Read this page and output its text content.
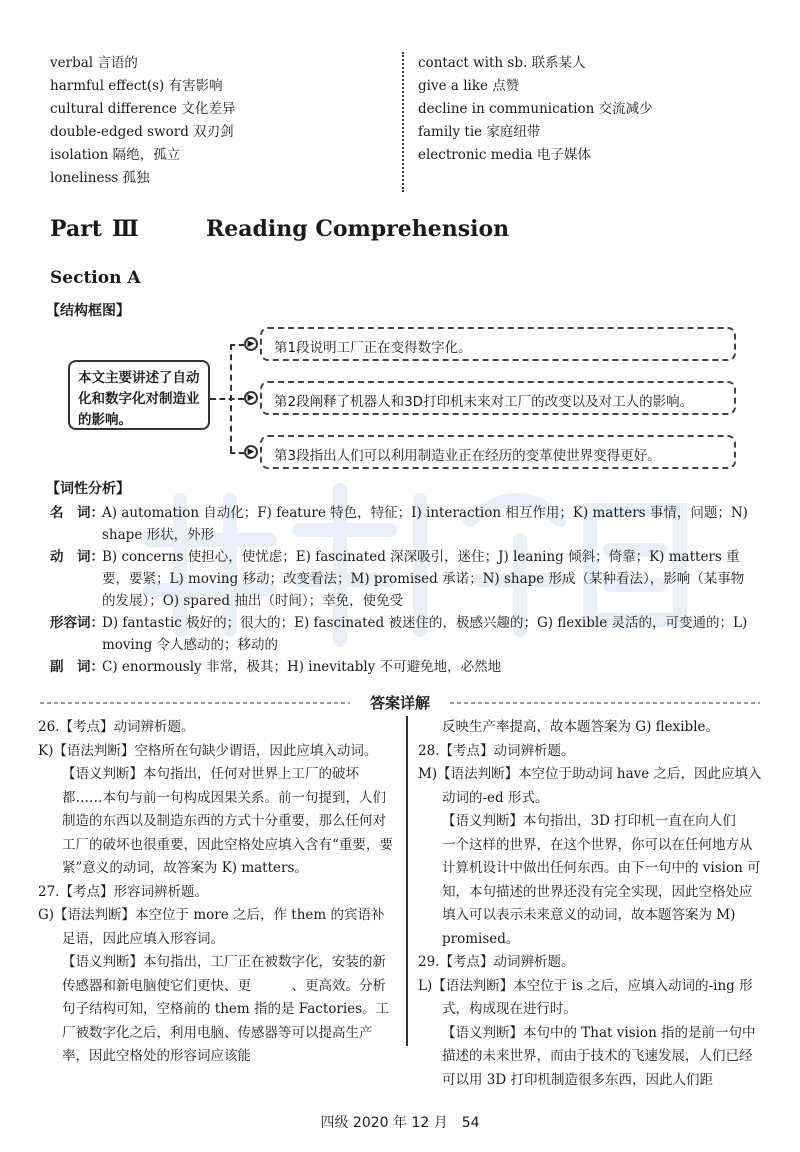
verbal 言语的
harmful effect(s) 有害影响
cultural difference 文化差异
double-edged sword 双刃剑
isolation 隔绝，孤立
loneliness 孤独
contact with sb. 联系某人
give a like 点赞
decline in communication 交流减少
family tie 家庭纽带
electronic media 电子媒体
Part Ⅲ	Reading Comprehension
Section A
【结构框图】
本文主要讲述了自动化和数字化对制造业的影响。
▶
▶
▶
第1段说明工厂正在变得数字化。
第2段阐释了机器人和3D打印机未来对工厂的改变以及对工人的影响。
第3段指出人们可以利用制造业正在经历的变革使世界变得更好。
【词性分析】
名　词：
A) automation 自动化；F) feature 特色，特征；I) interaction 相互作用；K) matters 事情，问题；N) shape 形状，外形
动　词：
B) concerns 使担心，使忧虑；E) fascinated 深深吸引，迷住；J) leaning 倾斜；倚靠；K) matters 重要，要紧；L) moving 移动；改变看法；M) promised 承诺；N) shape 形成（某种看法），影响（某事物的发展）；O) spared 抽出（时间）；幸免，使免受
形容词：
D) fantastic 极好的；很大的；E) fascinated 被迷住的，极感兴趣的；G) flexible 灵活的，可变通的；L) moving 令人感动的；移动的
副　词：
C) enormously 非常，极其；H) inevitably 不可避免地，必然地
答案详解

26.【考点】动词辨析题。

K)【语法判断】空格所在句缺少谓语，因此应填入动词。

【语义判断】本句指出，任何对世界上工厂的破坏都……本句与前一句构成因果关系。前一句提到，人们制造的东西以及制造东西的方式十分重要，那么任何对工厂的破坏也很重要，因此空格处应填入含有“重要，要紧”意义的动词，故答案为 K) matters。

27.【考点】形容词辨析题。

G)【语法判断】本空位于 more 之后，作 them 的宾语补足语，因此应填入形容词。

【语义判断】本句指出，工厂正在被数字化，安装的新传感器和新电脑使它们更快、更　　　、更高效。分析句子结构可知，空格前的 them 指的是 Factories。工厂被数字化之后，利用电脑、传感器等可以提高生产率，因此空格处的形容词应该能

反映生产率提高，故本题答案为 G) flexible。

28.【考点】动词辨析题。

M)【语法判断】本空位于助动词 have 之后，因此应填入动词的-ed 形式。

【语义判断】本句指出，3D 打印机一直在向人们　　　一个这样的世界，在这个世界，你可以在任何地方从计算机设计中做出任何东西。由下一句中的 vision 可知，本句描述的世界还没有完全实现，因此空格处应填入可以表示未来意义的动词，故本题答案为 M) promised。

29.【考点】动词辨析题。

L)【语法判断】本空位于 is 之后，应填入动词的-ing 形式，构成现在进行时。

【语义判断】本句中的 That vision 指的是前一句中描述的未来世界，而由于技术的飞速发展，人们已经可以用 3D 打印机制造很多东西，因此人们距

四级 2020 年 12 月　54
